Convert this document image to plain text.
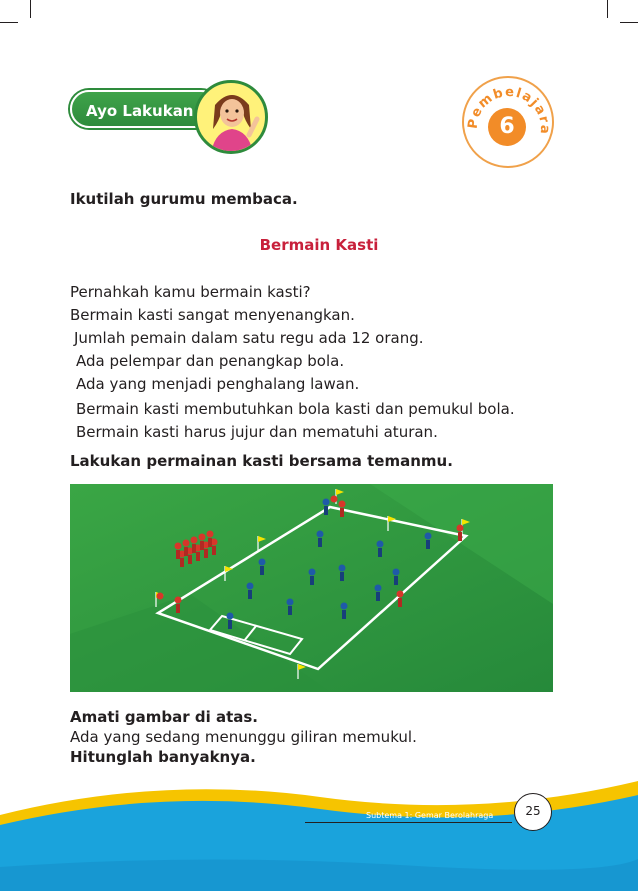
Ayo Lakukan
Pembelajara
6
Ikutilah gurumu membaca.
Bermain Kasti
Pernahkah kamu bermain kasti?
Bermain kasti sangat menyenangkan.
Jumlah pemain dalam satu regu ada 12 orang.
Ada pelempar dan penangkap bola.
Ada yang menjadi penghalang lawan.
Bermain kasti membutuhkan bola kasti dan pemukul bola.
Bermain kasti harus jujur dan mematuhi aturan.
Lakukan permainan kasti bersama temanmu.
Amati gambar di atas.
Ada yang sedang menunggu giliran memukul.
Hitunglah banyaknya.
Subtema 1: Gemar Berolahraga	25
